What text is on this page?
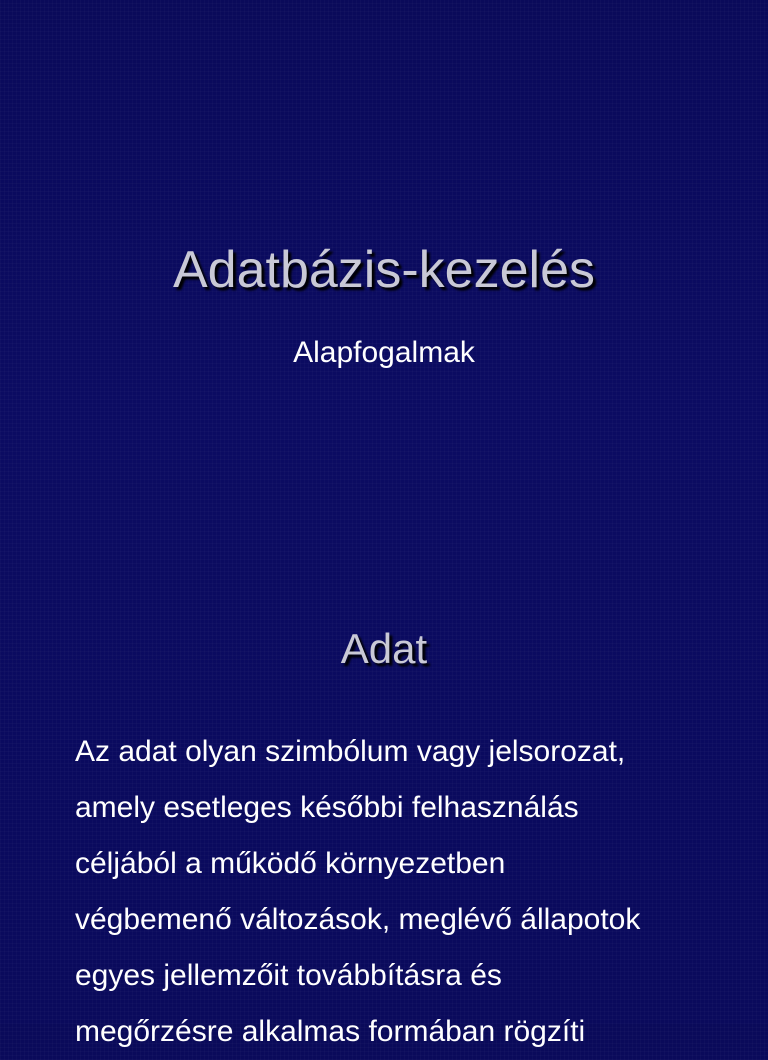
Adatbázis-kezelés

Alapfogalmak

Adat

Az adat olyan szimbólum vagy jelsorozat,
amely esetleges későbbi felhasználás
céljából a működő környezetben
végbemenő változások, meglévő állapotok
egyes jellemzőit továbbításra és
megőrzésre alkalmas formában rögzíti
